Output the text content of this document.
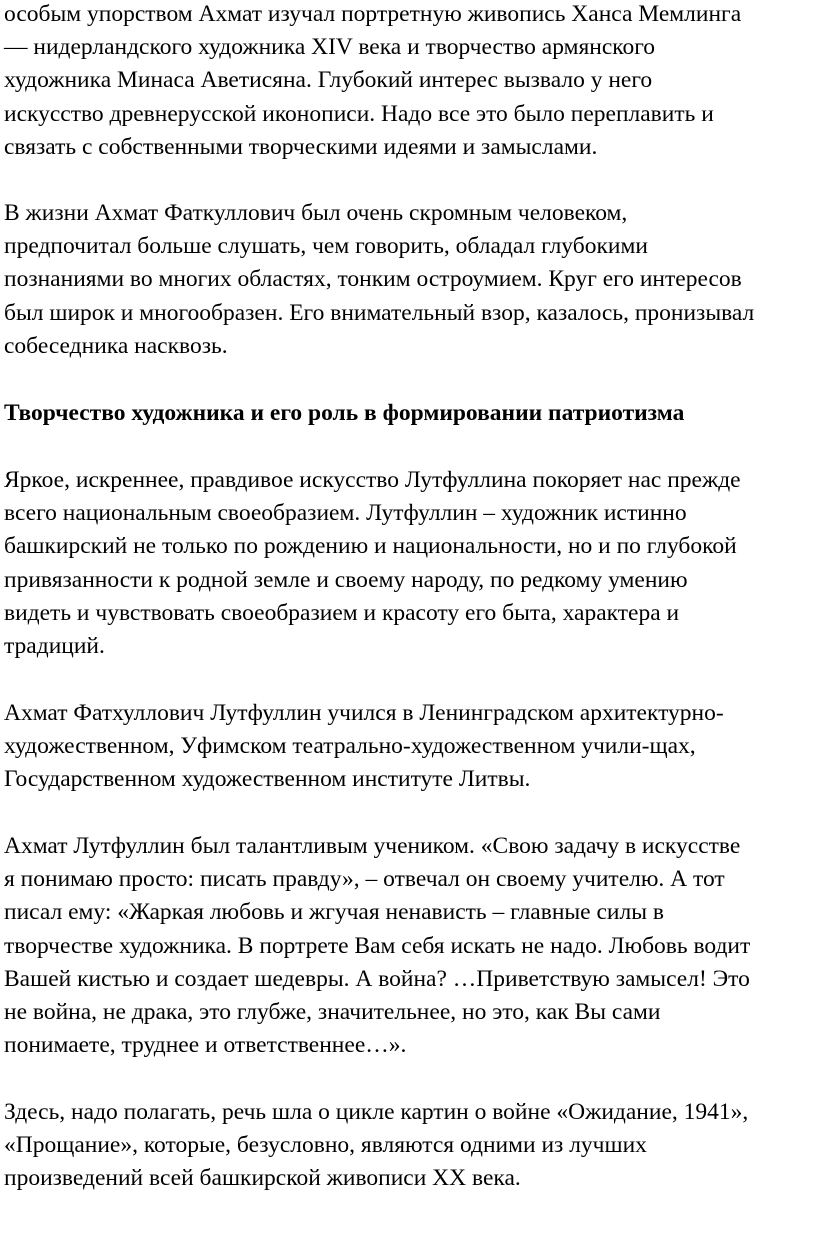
особым упорством Ахмат изучал портретную живопись Ханса Мемлинга
— нидерландского художника XIV века и творчество армянского
художника Минаса Аветисяна. Глубокий интерес вызвало у него
искусство древнерусской иконописи. Надо все это было переплавить и
связать с собственными творческими идеями и замыслами.
В жизни Ахмат Фаткуллович был очень скромным человеком,
предпочитал больше слушать, чем говорить, обладал глубокими
познаниями во многих областях, тонким остроумием. Круг его интересов
был широк и многообразен. Его внимательный взор, казалось, пронизывал
собеседника насквозь.
Творчество художника и его роль в формировании патриотизма
Яркое, искреннее, правдивое искусство Лутфуллина покоряет нас прежде
всего национальным своеобразием. Лутфуллин – художник истинно
башкирский не только по рождению и национальности, но и по глубокой
привязанности к родной земле и своему народу, по редкому умению
видеть и чувствовать своеобразием и красоту его быта, характера и
традиций.
Ахмат Фатхуллович Лутфуллин учился в Ленинградском архитектурно-
художественном, Уфимском театрально-художественном учили-щах,
Государственном художественном институте Литвы.
Ахмат Лутфуллин был талантливым учеником. «Свою задачу в искусстве
я понимаю просто: писать правду», – отвечал он своему учителю. А тот
писал ему: «Жаркая любовь и жгучая ненависть – главные силы в
творчестве художника. В портрете Вам себя искать не надо. Любовь водит
Вашей кистью и создает шедевры. А война? …Приветствую замысел! Это
не война, не драка, это глубже, значительнее, но это, как Вы сами
понимаете, труднее и ответственнее…».
Здесь, надо полагать, речь шла о цикле картин о войне «Ожидание, 1941»,
«Прощание», которые, безусловно, являются одними из лучших
произведений всей башкирской живописи XX века.
